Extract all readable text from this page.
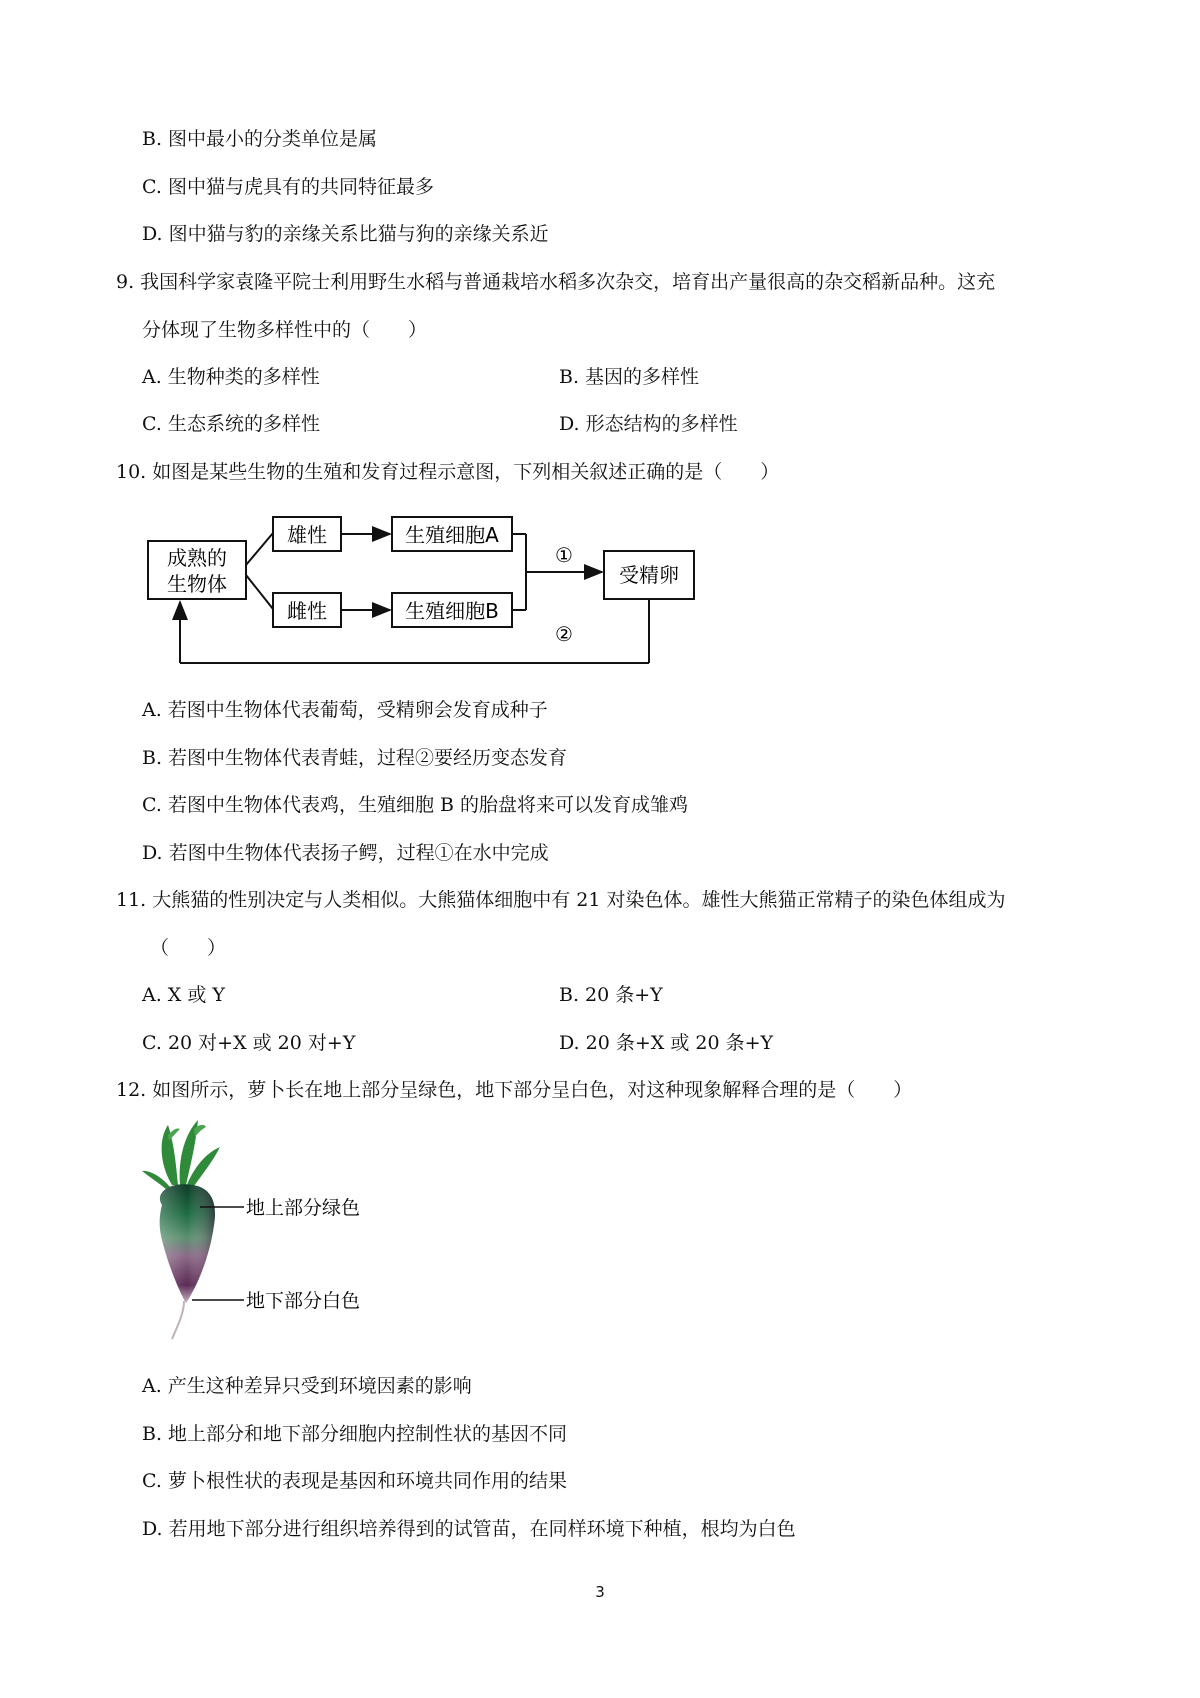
B. 图中最小的分类单位是属
C. 图中猫与虎具有的共同特征最多
D. 图中猫与豹的亲缘关系比猫与狗的亲缘关系近
9. 我国科学家袁隆平院士利用野生水稻与普通栽培水稻多次杂交，培育出产量很高的杂交稻新品种。这充
分体现了生物多样性中的（　　）
A. 生物种类的多样性	B. 基因的多样性
C. 生态系统的多样性	D. 形态结构的多样性
10. 如图是某些生物的生殖和发育过程示意图，下列相关叙述正确的是（　　）
成熟的
生物体
雄性
雌性
生殖细胞A
生殖细胞B
①
受精卵
②
A. 若图中生物体代表葡萄，受精卵会发育成种子
B. 若图中生物体代表青蛙，过程②要经历变态发育
C. 若图中生物体代表鸡，生殖细胞 B 的胎盘将来可以发育成雏鸡
D. 若图中生物体代表扬子鳄，过程①在水中完成
11. 大熊猫的性别决定与人类相似。大熊猫体细胞中有 21 对染色体。雄性大熊猫正常精子的染色体组成为
（　　）
A. X 或 Y	B. 20 条+Y
C. 20 对+X 或 20 对+Y	D. 20 条+X 或 20 条+Y
12. 如图所示，萝卜长在地上部分呈绿色，地下部分呈白色，对这种现象解释合理的是（　　）
地上部分绿色
地下部分白色
A. 产生这种差异只受到环境因素的影响
B. 地上部分和地下部分细胞内控制性状的基因不同
C. 萝卜根性状的表现是基因和环境共同作用的结果
D. 若用地下部分进行组织培养得到的试管苗，在同样环境下种植，根均为白色
3
